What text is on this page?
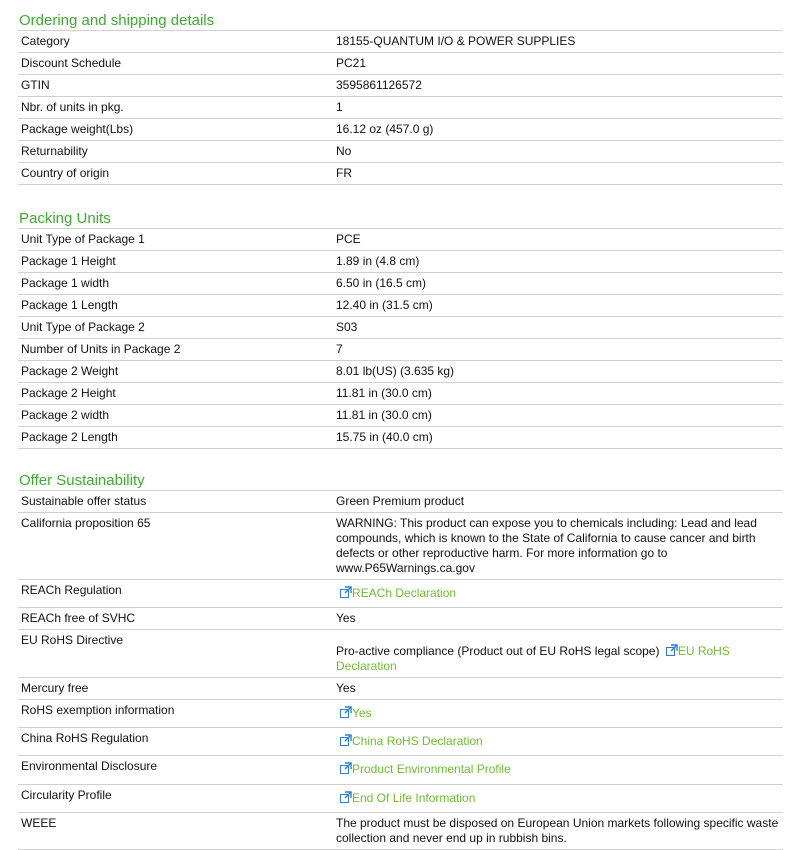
Ordering and shipping details
Category	18155-QUANTUM I/O & POWER SUPPLIES
Discount Schedule	PC21
GTIN	3595861126572
Nbr. of units in pkg.	1
Package weight(Lbs)	16.12 oz (457.0 g)
Returnability	No
Country of origin	FR
Packing Units
Unit Type of Package 1	PCE
Package 1 Height	1.89 in (4.8 cm)
Package 1 width	6.50 in (16.5 cm)
Package 1 Length	12.40 in (31.5 cm)
Unit Type of Package 2	S03
Number of Units in Package 2	7
Package 2 Weight	8.01 lb(US) (3.635 kg)
Package 2 Height	11.81 in (30.0 cm)
Package 2 width	11.81 in (30.0 cm)
Package 2 Length	15.75 in (40.0 cm)
Offer Sustainability
Sustainable offer status	Green Premium product
California proposition 65	WARNING: This product can expose you to chemicals including: Lead and lead compounds, which is known to the State of California to cause cancer and birth defects or other reproductive harm. For more information go to www.P65Warnings.ca.gov
REACh Regulation	REACh Declaration
REACh free of SVHC	Yes
EU RoHS Directive	Pro-active compliance (Product out of EU RoHS legal scope) EU RoHS Declaration
Mercury free	Yes
RoHS exemption information	Yes
China RoHS Regulation	China RoHS Declaration
Environmental Disclosure	Product Environmental Profile
Circularity Profile	End Of Life Information
WEEE	The product must be disposed on European Union markets following specific waste collection and never end up in rubbish bins.
